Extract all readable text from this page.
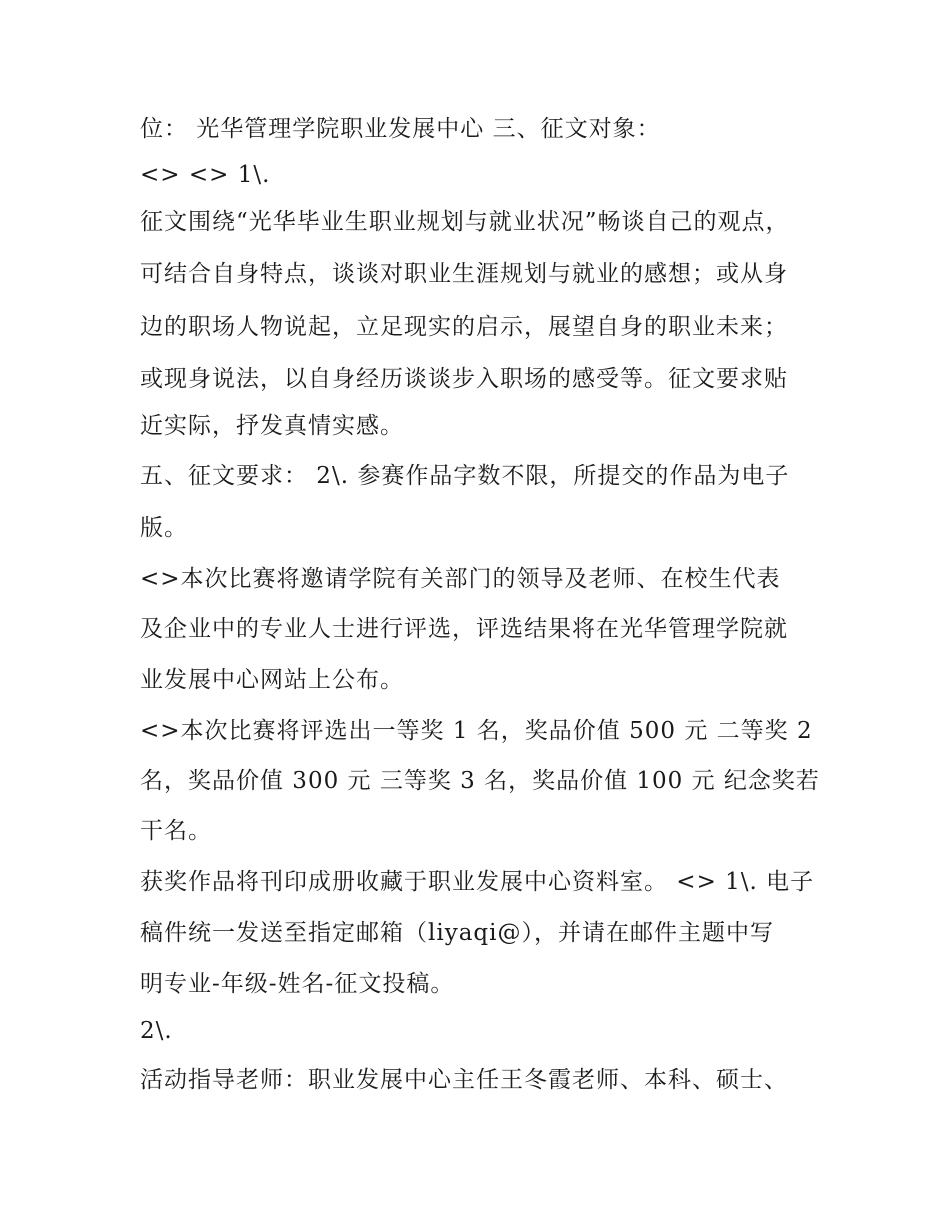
位： 光华管理学院职业发展中心 三、征文对象：
<> <> 1\.
征文围绕“光华毕业生职业规划与就业状况”畅谈自己的观点，
可结合自身特点，谈谈对职业生涯规划与就业的感想；或从身
边的职场人物说起，立足现实的启示，展望自身的职业未来；
或现身说法，以自身经历谈谈步入职场的感受等。征文要求贴
近实际，抒发真情实感。
五、征文要求： 2\. 参赛作品字数不限，所提交的作品为电子
版。
<>本次比赛将邀请学院有关部门的领导及老师、在校生代表
及企业中的专业人士进行评选，评选结果将在光华管理学院就
业发展中心网站上公布。
<>本次比赛将评选出一等奖 1 名，奖品价值 500 元 二等奖 2
名，奖品价值 300 元 三等奖 3 名，奖品价值 100 元 纪念奖若
干名。
获奖作品将刊印成册收藏于职业发展中心资料室。 <> 1\. 电子
稿件统一发送至指定邮箱（liyaqi@），并请在邮件主题中写
明专业-年级-姓名-征文投稿。
2\.
活动指导老师：职业发展中心主任王冬霞老师、本科、硕士、
